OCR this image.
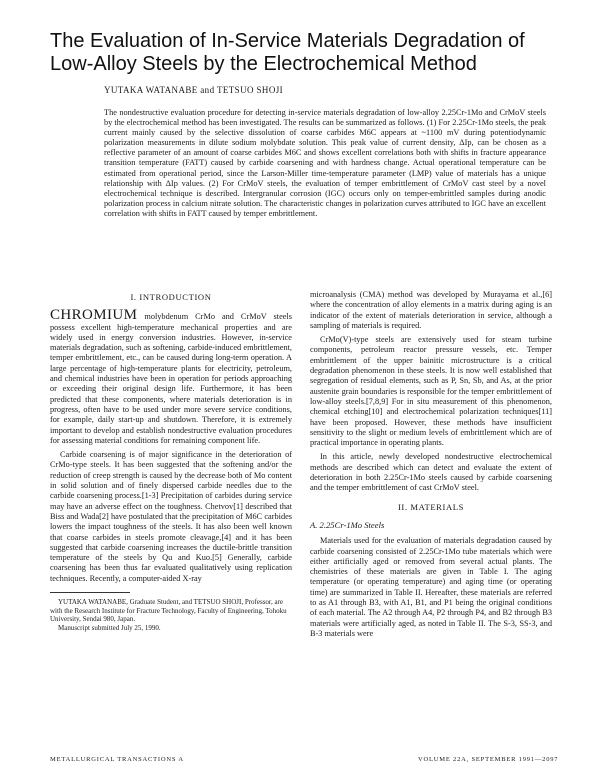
The Evaluation of In-Service Materials Degradation of Low-Alloy Steels by the Electrochemical Method

YUTAKA WATANABE and TETSUO SHOJI

The nondestructive evaluation procedure for detecting in-service materials degradation of low-alloy 2.25Cr-1Mo and CrMoV steels by the electrochemical method has been investigated. The results can be summarized as follows. (1) For 2.25Cr-1Mo steels, the peak current mainly caused by the selective dissolution of coarse carbides M6C appears at ~1100 mV during potentiodynamic polarization measurements in dilute sodium molybdate solution. This peak value of current density, ΔIp, can be chosen as a reflective parameter of an amount of coarse carbides M6C and shows excellent correlations both with shifts in fracture appearance transition temperature (FATT) caused by carbide coarsening and with hardness change. Actual operational temperature can be estimated from operational period, since the Larson-Miller time-temperature parameter (LMP) value of materials has a unique relationship with ΔIp values. (2) For CrMoV steels, the evaluation of temper embrittlement of CrMoV cast steel by a novel electrochemical technique is described. Intergranular corrosion (IGC) occurs only on temper-embrittled samples during anodic polarization process in calcium nitrate solution. The characteristic changes in polarization curves attributed to IGC have an excellent correlation with shifts in FATT caused by temper embrittlement.

I. INTRODUCTION

CHROMIUM molybdenum CrMo and CrMoV steels possess excellent high-temperature mechanical properties and are widely used in energy conversion industries. However, in-service materials degradation, such as softening, carbide-induced embrittlement, temper embrittlement, etc., can be caused during long-term operation. A large percentage of high-temperature plants for electricity, petroleum, and chemical industries have been in operation for periods approaching or exceeding their original design life. Furthermore, it has been predicted that these components, where materials deterioration is in progress, often have to be used under more severe service conditions, for example, daily start-up and shutdown. Therefore, it is extremely important to develop and establish nondestructive evaluation procedures for assessing material conditions for remaining component life.

Carbide coarsening is of major significance in the deterioration of CrMo-type steels. It has been suggested that the softening and/or the reduction of creep strength is caused by the decrease both of Mo content in solid solution and of finely dispersed carbide needles due to the carbide coarsening process.[1-3] Precipitation of carbides during service may have an adverse effect on the toughness. Chetvov[1] described that Biss and Wada[2] have postulated that the precipitation of M6C carbides lowers the impact toughness of the steels. It has also been well known that coarse carbides in steels promote cleavage,[4] and it has been suggested that carbide coarsening increases the ductile-brittle transition temperature of the steels by Qu and Kuo.[5] Generally, carbide coarsening has been thus far evaluated qualitatively using replication techniques. Recently, a computer-aided X-ray

YUTAKA WATANABE, Graduate Student, and TETSUO SHOJI, Professor, are with the Research Institute for Fracture Technology, Faculty of Engineering, Tohoku University, Sendai 980, Japan.

Manuscript submitted July 25, 1990.

microanalysis (CMA) method was developed by Murayama et al.,[6] where the concentration of alloy elements in a matrix during aging is an indicator of the extent of materials deterioration in service, although a sampling of materials is required.

CrMo(V)-type steels are extensively used for steam turbine components, petroleum reactor pressure vessels, etc. Temper embrittlement of the upper bainitic microstructure is a critical degradation phenomenon in these steels. It is now well established that segregation of residual elements, such as P, Sn, Sb, and As, at the prior austenite grain boundaries is responsible for the temper embrittlement of low-alloy steels.[7,8,9] For in situ measurement of this phenomenon, chemical etching[10] and electrochemical polarization techniques[11] have been proposed. However, these methods have insufficient sensitivity to the slight or medium levels of embrittlement which are of practical importance in operating plants.

In this article, newly developed nondestructive electrochemical methods are described which can detect and evaluate the extent of deterioration in both 2.25Cr-1Mo steels caused by carbide coarsening and the temper embrittlement of cast CrMoV steel.

II. MATERIALS
A. 2.25Cr-1Mo Steels

Materials used for the evaluation of materials degradation caused by carbide coarsening consisted of 2.25Cr-1Mo tube materials which were either artificially aged or removed from several actual plants. The chemistries of these materials are given in Table I. The aging temperature (or operating temperature) and aging time (or operating time) are summarized in Table II. Hereafter, these materials are referred to as A1 through B3, with A1, B1, and P1 being the original conditions of each material. The A2 through A4, P2 through P4, and B2 through B3 materials were artificially aged, as noted in Table II. The S-3, SS-3, and B-3 materials were

METALLURGICAL TRANSACTIONS A	VOLUME 22A, SEPTEMBER 1991—2097
